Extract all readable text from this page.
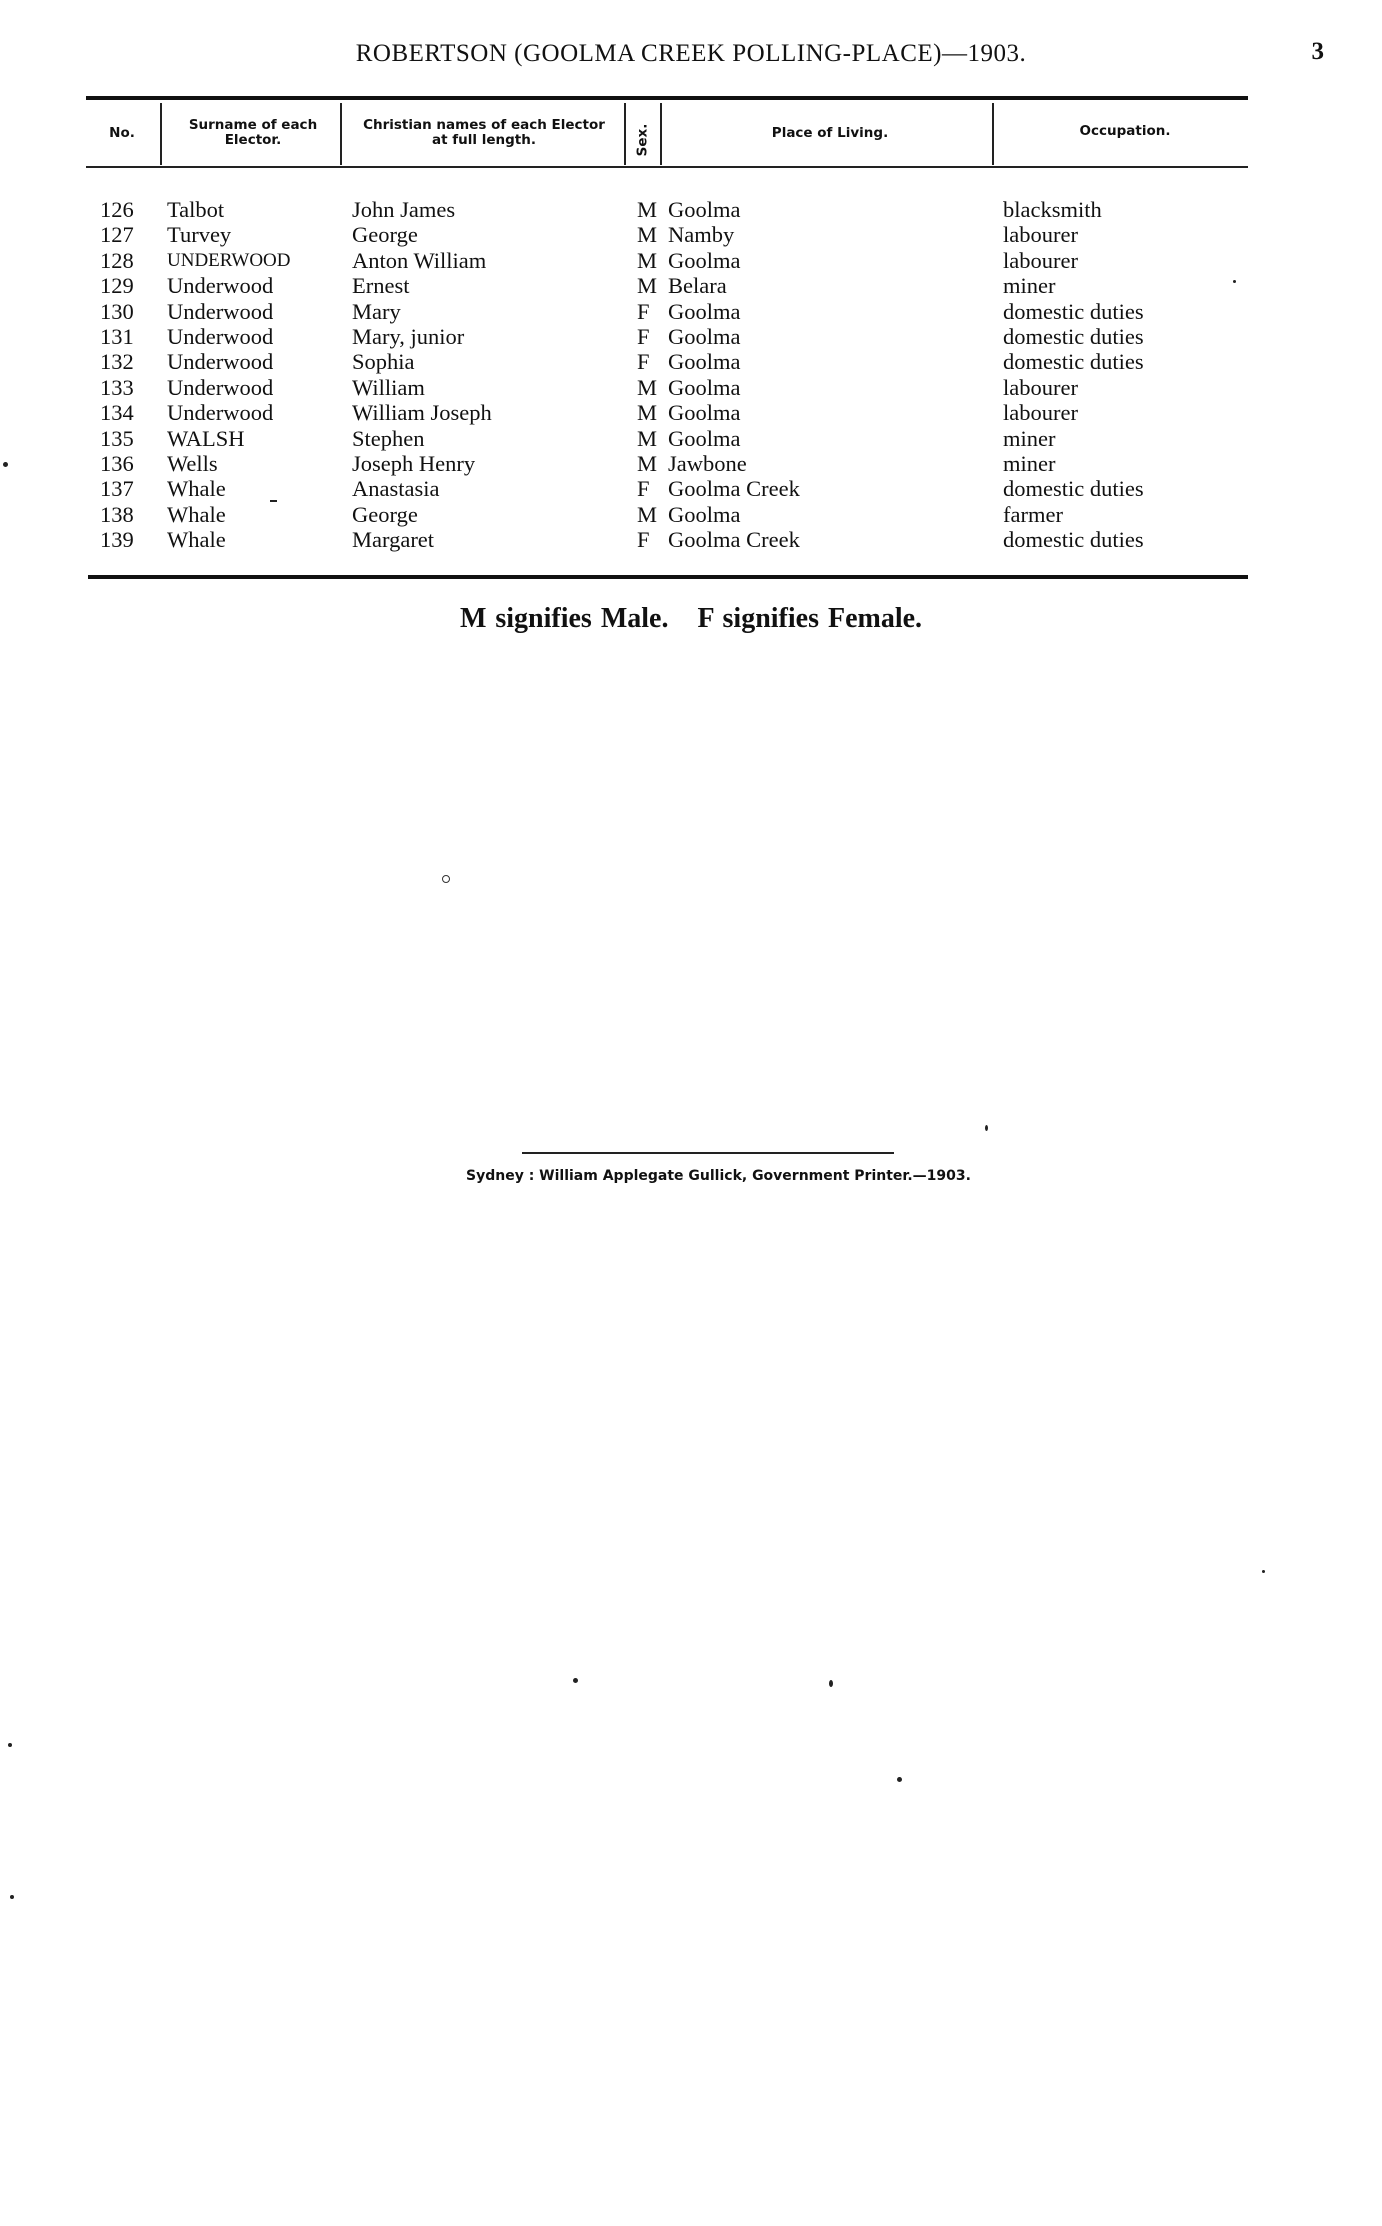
ROBERTSON (GOOLMA CREEK POLLING-PLACE)—1903.	3
No.	Surname of each Elector.
Christian names of each Elector at full length.	Sex.	Place of Living.	Occupation.
126 Talbot	John James	M Goolma	blacksmith
127 Turvey	George	M Namby	labourer
128 UNDERWOOD	Anton William	M Goolma	labourer
129 Underwood	Ernest	M Belara	miner
130 Underwood	Mary	F Goolma	domestic duties
131 Underwood	Mary, junior	F Goolma	domestic duties
132 Underwood	Sophia	F Goolma	domestic duties
133 Underwood	William	M Goolma	labourer
134 Underwood	William Joseph	M Goolma	labourer
135 WALSH	Stephen	M Goolma	miner
136 Wells	Joseph Henry	M Jawbone	miner
137 Whale	Anastasia	F Goolma Creek	domestic duties
138 Whale	George	M Goolma	farmer
139 Whale	Margaret	F Goolma Creek	domestic duties
M signifies Male. F signifies Female.
Sydney : William Applegate Gullick, Government Printer.—1903.
